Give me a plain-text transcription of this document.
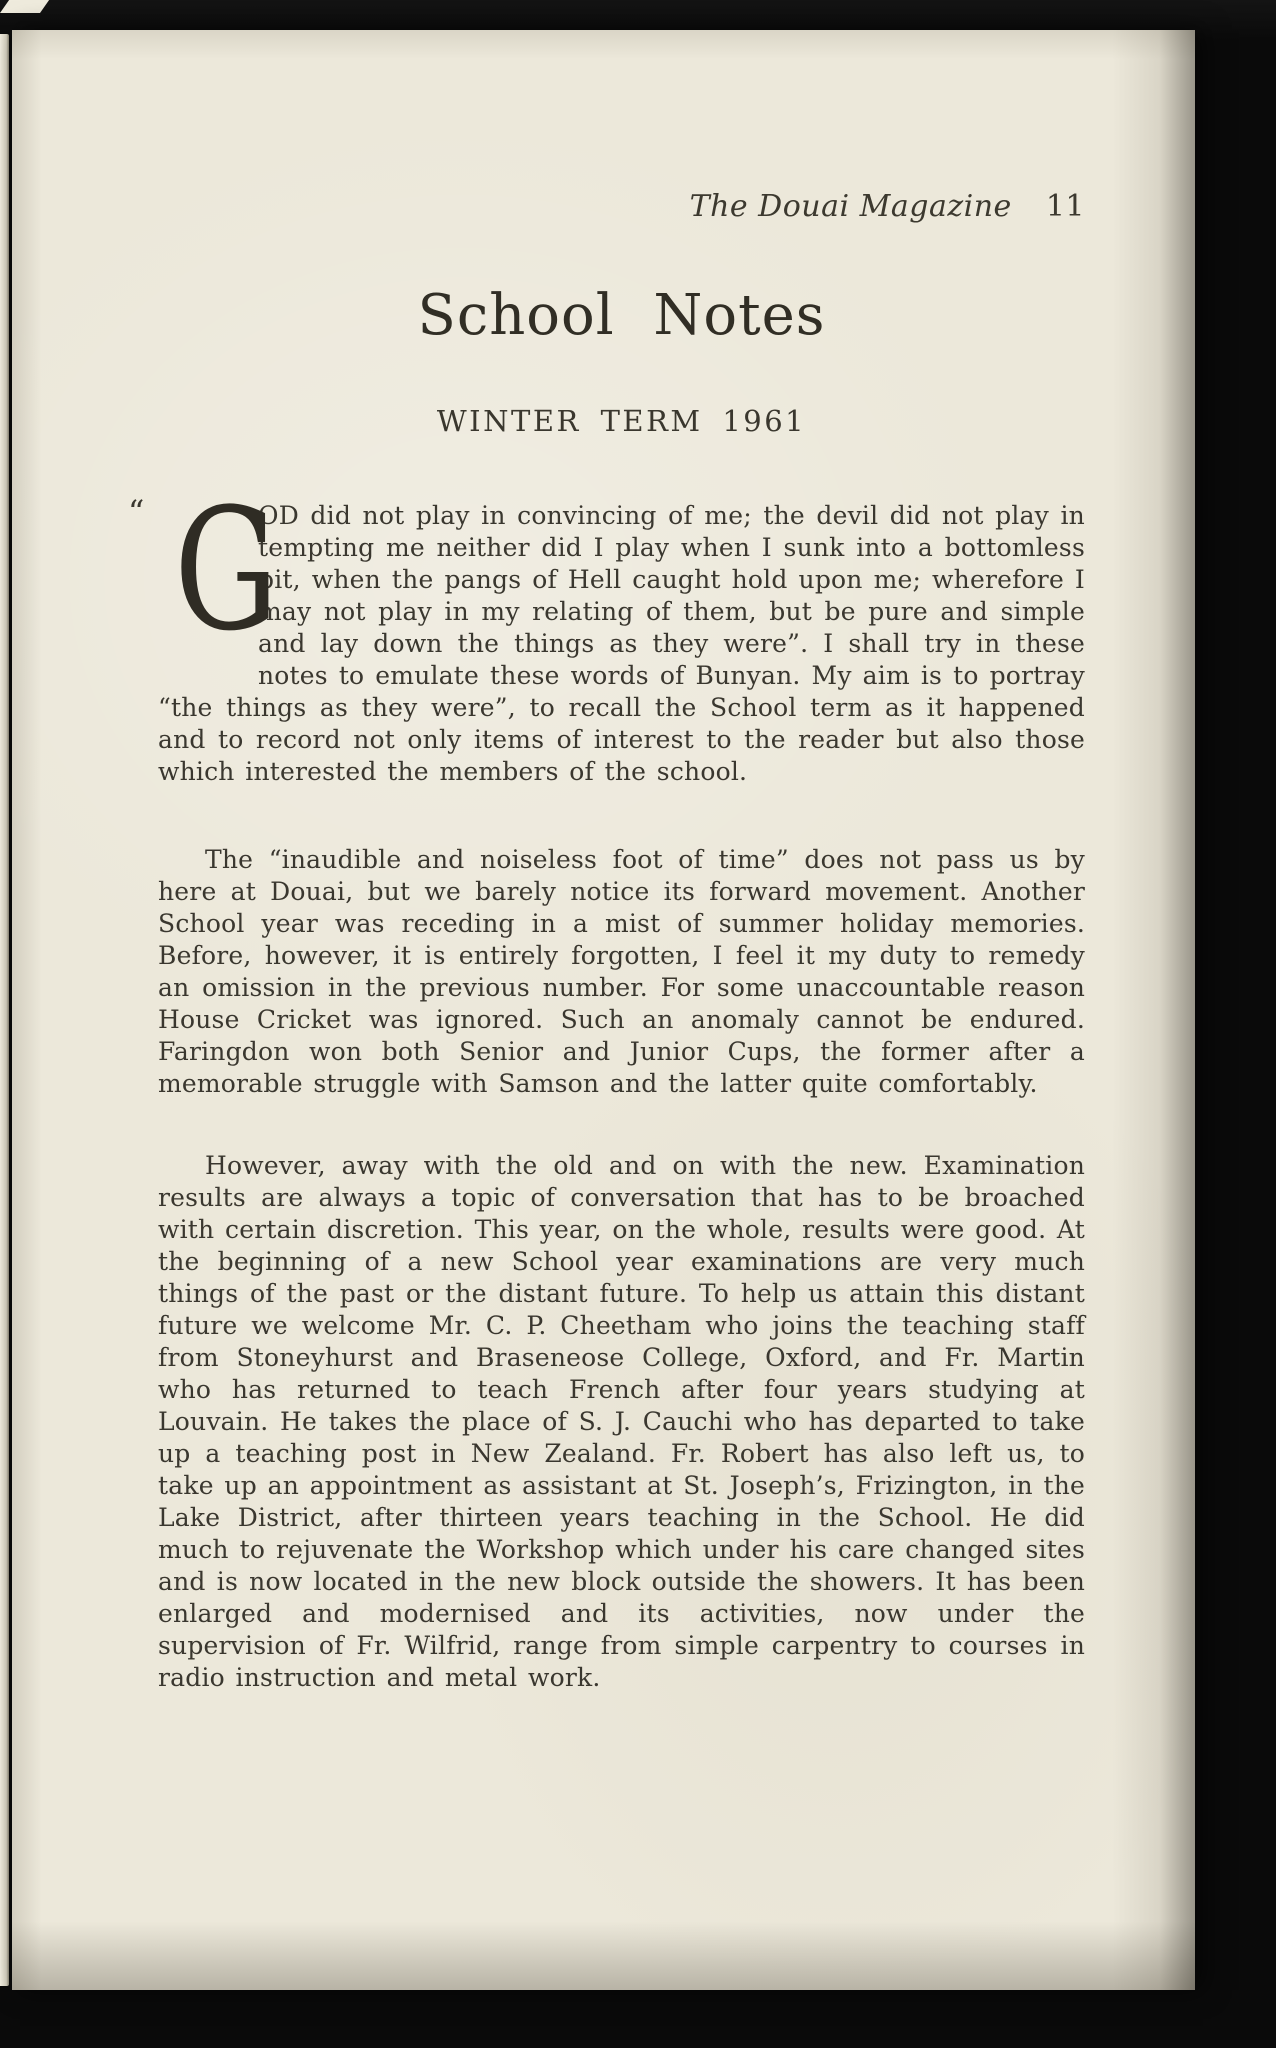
The Douai Magazine 11
School Notes
WINTER TERM 1961

“ G
OD did not play in convincing of me; the devil did not play in tempting me neither did I play when I sunk into a bottomless pit, when the pangs of Hell caught hold upon me; wherefore I may not play in my relating of them, but be pure and simple and lay down the things as they were”. I shall try in these notes to emulate these words of Bunyan. My aim is to portray “the things as they were”, to recall the School term as it happened and to record not only items of interest to the reader but also those which interested the members of the school.

The “inaudible and noiseless foot of time” does not pass us by here at Douai, but we barely notice its forward movement. Another School year was receding in a mist of summer holiday memories. Before, however, it is entirely forgotten, I feel it my duty to remedy an omission in the previous number. For some unaccountable reason House Cricket was ignored. Such an anomaly cannot be endured. Faringdon won both Senior and Junior Cups, the former after a memorable struggle with Samson and the latter quite comfortably.

However, away with the old and on with the new. Examination results are always a topic of conversation that has to be broached with certain discretion. This year, on the whole, results were good. At the beginning of a new School year examinations are very much things of the past or the distant future. To help us attain this distant future we welcome Mr. C. P. Cheetham who joins the teaching staff from Stoneyhurst and Braseneose College, Oxford, and Fr. Martin who has returned to teach French after four years studying at Louvain. He takes the place of S. J. Cauchi who has departed to take up a teaching post in New Zealand. Fr. Robert has also left us, to take up an appointment as assistant at St. Joseph’s, Frizington, in the Lake District, after thirteen years teaching in the School. He did much to rejuvenate the Workshop which under his care changed sites and is now located in the new block outside the showers. It has been enlarged and modernised and its activities, now under the supervision of Fr. Wilfrid, range from simple carpentry to courses in radio instruction and metal work.
